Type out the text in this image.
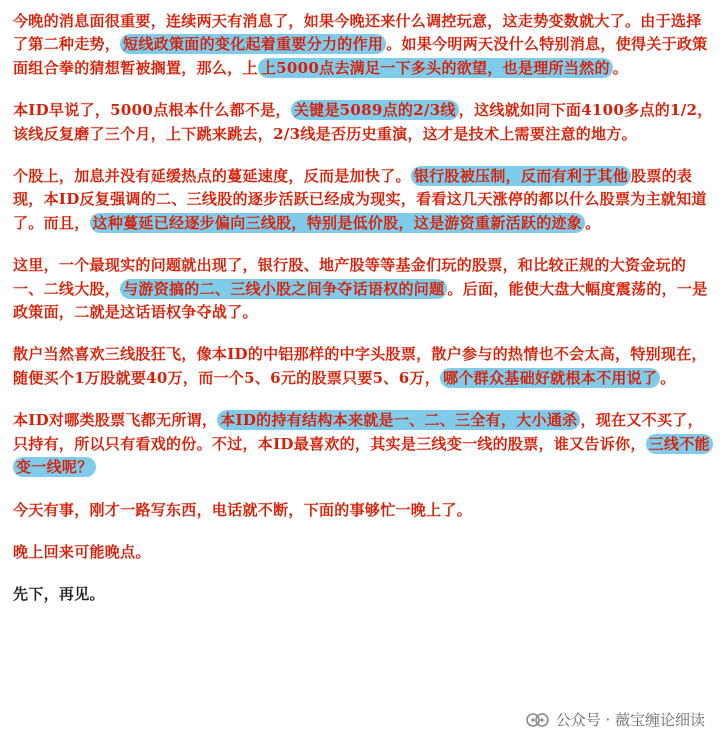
今晚的消息面很重要，连续两天有消息了，如果今晚还来什么调控玩意，这走势变数就大了。由于选择了第二种走势， 短线政策面的变化起着重要分力的作用 。如果今明两天没什么特别消息，使得关于政策面组合拳的猜想暂被搁置，那么，上 上5000点去满足一下多头的欲望，也是理所当然的 。

本ID早说了，5000点根本什么都不是， 关键是5089点的2/3线 ，这线就如同下面4100多点的1/2，该线反复磨了三个月，上下跳来跳去，2/3线是否历史重演，这才是技术上需要注意的地方。

个股上，加息并没有延缓热点的蔓延速度，反而是加快了。 银行股被压制，反而有利于其他 股票的表现，本ID反复强调的二、三线股的逐步活跃已经成为现实，看看这几天涨停的都以什么股票为主就知道了。而且， 这种蔓延已经逐步偏向三线股，特别是低价股，这是游资重新活跃的迹象 。

这里，一个最现实的问题就出现了，银行股、地产股等等基金们玩的股票，和比较正规的大资金玩的一、二线大股， 与游资搞的二、三线小股之间争夺话语权的问题 。后面，能使大盘大幅度震荡的，一是政策面，二就是这话语权争夺战了。

散户当然喜欢三线股狂飞，像本ID的中铝那样的中字头股票，散户参与的热情也不会太高，特别现在，随便买个1万股就要40万，而一个5、6元的股票只要5、6万， 哪个群众基础好就根本不用说了 。

本ID对哪类股票飞都无所谓， 本ID的持有结构本来就是一、二、三全有，大小通杀 ，现在又不买了，只持有，所以只有看戏的份。不过，本ID最喜欢的，其实是三线变一线的股票，谁又告诉你， 三线不能变一线呢？

今天有事，刚才一路写东西，电话就不断，下面的事够忙一晚上了。

晚上回来可能晚点。

先下，再见。

公众号 · 薇宝缠论细读
